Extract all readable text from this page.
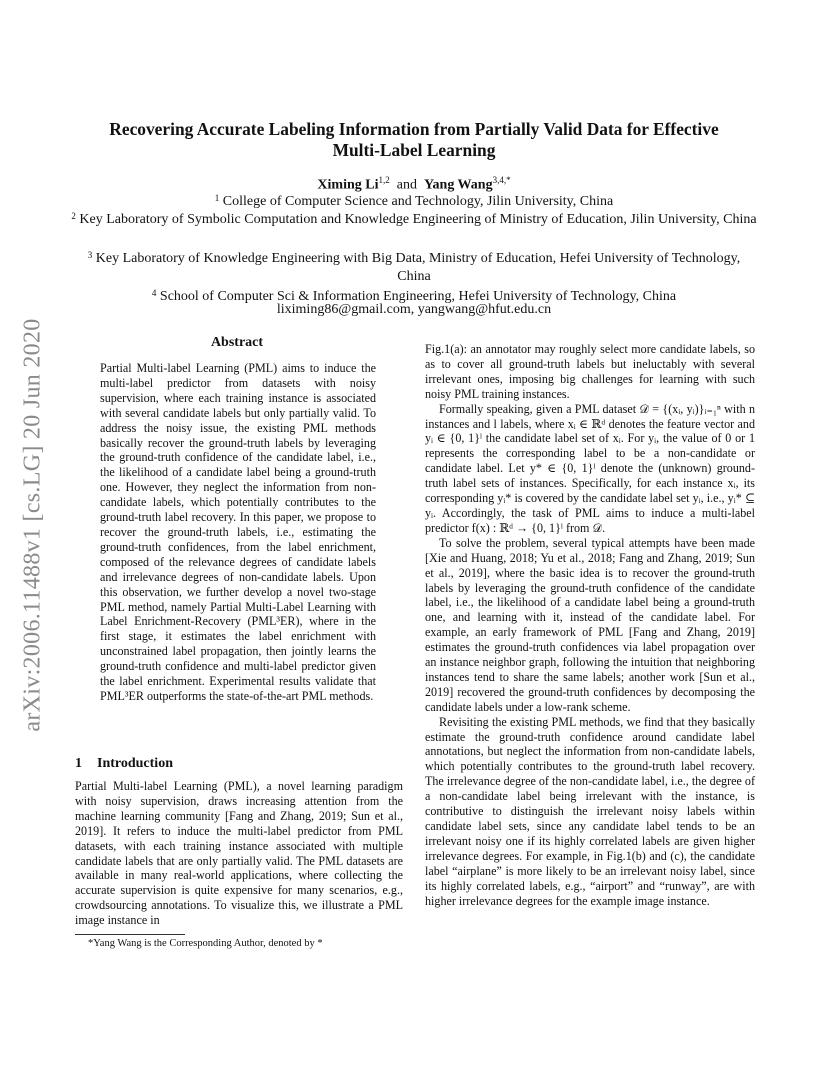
arXiv:2006.11488v1 [cs.LG] 20 Jun 2020
Recovering Accurate Labeling Information from Partially Valid Data for Effective
Multi-Label Learning
Ximing Li$^{1,2}$ and Yang Wang$^{3,4,*}$
$^1$ College of Computer Science and Technology, Jilin University, China
$^2$ Key Laboratory of Symbolic Computation and Knowledge Engineering of Ministry of Education, Jilin University, China
$^3$ Key Laboratory of Knowledge Engineering with Big Data, Ministry of Education, Hefei University of Technology, China
$^4$ School of Computer Sci & Information Engineering, Hefei University of Technology, China
liximing86@gmail.com, yangwang@hfut.edu.cn
Abstract

Partial Multi-label Learning (PML) aims to induce the multi-label predictor from datasets with noisy supervision, where each training instance is associated with several candidate labels but only partially valid. To address the noisy issue, the existing PML methods basically recover the ground-truth labels by leveraging the ground-truth confidence of the candidate label, i.e., the likelihood of a candidate label being a ground-truth one. However, they neglect the information from non-candidate labels, which potentially contributes to the ground-truth label recovery. In this paper, we propose to recover the ground-truth labels, i.e., estimating the ground-truth confidences, from the label enrichment, composed of the relevance degrees of candidate labels and irrelevance degrees of non-candidate labels. Upon this observation, we further develop a novel two-stage PML method, namely Partial Multi-Label Learning with Label Enrichment-Recovery (PML³ER), where in the first stage, it estimates the label enrichment with unconstrained label propagation, then jointly learns the ground-truth confidence and multi-label predictor given the label enrichment. Experimental results validate that PML³ER outperforms the state-of-the-art PML methods.

1 Introduction

Partial Multi-label Learning (PML), a novel learning paradigm with noisy supervision, draws increasing attention from the machine learning community [Fang and Zhang, 2019; Sun et al., 2019]. It refers to induce the multi-label predictor from PML datasets, with each training instance associated with multiple candidate labels that are only partially valid. The PML datasets are available in many real-world applications, where collecting the accurate supervision is quite expensive for many scenarios, e.g., crowdsourcing annotations. To visualize this, we illustrate a PML image instance in

*Yang Wang is the Corresponding Author, denoted by *

Fig.1(a): an annotator may roughly select more candidate labels, so as to cover all ground-truth labels but ineluctably with several irrelevant ones, imposing big challenges for learning with such noisy PML training instances.

Formally speaking, given a PML dataset 𝒟 = {(xᵢ, yᵢ)}ᵢ₌₁ⁿ with n instances and l labels, where xᵢ ∈ ℝᵈ denotes the feature vector and yᵢ ∈ {0, 1}ˡ the candidate label set of xᵢ. For yᵢ, the value of 0 or 1 represents the corresponding label to be a non-candidate or candidate label. Let y* ∈ {0, 1}ˡ denote the (unknown) ground-truth label sets of instances. Specifically, for each instance xᵢ, its corresponding yᵢ* is covered by the candidate label set yᵢ, i.e., yᵢ* ⊆ yᵢ. Accordingly, the task of PML aims to induce a multi-label predictor f(x) : ℝᵈ → {0, 1}ˡ from 𝒟.

To solve the problem, several typical attempts have been made [Xie and Huang, 2018; Yu et al., 2018; Fang and Zhang, 2019; Sun et al., 2019], where the basic idea is to recover the ground-truth labels by leveraging the ground-truth confidence of the candidate label, i.e., the likelihood of a candidate label being a ground-truth one, and learning with it, instead of the candidate label. For example, an early framework of PML [Fang and Zhang, 2019] estimates the ground-truth confidences via label propagation over an instance neighbor graph, following the intuition that neighboring instances tend to share the same labels; another work [Sun et al., 2019] recovered the ground-truth confidences by decomposing the candidate labels under a low-rank scheme.

Revisiting the existing PML methods, we find that they basically estimate the ground-truth confidence around candidate label annotations, but neglect the information from non-candidate labels, which potentially contributes to the ground-truth label recovery. The irrelevance degree of the non-candidate label, i.e., the degree of a non-candidate label being irrelevant with the instance, is contributive to distinguish the irrelevant noisy labels within candidate label sets, since any candidate label tends to be an irrelevant noisy one if its highly correlated labels are given higher irrelevance degrees. For example, in Fig.1(b) and (c), the candidate label “airplane” is more likely to be an irrelevant noisy label, since its highly correlated labels, e.g., “airport” and “runway”, are with higher irrelevance degrees for the example image instance.
